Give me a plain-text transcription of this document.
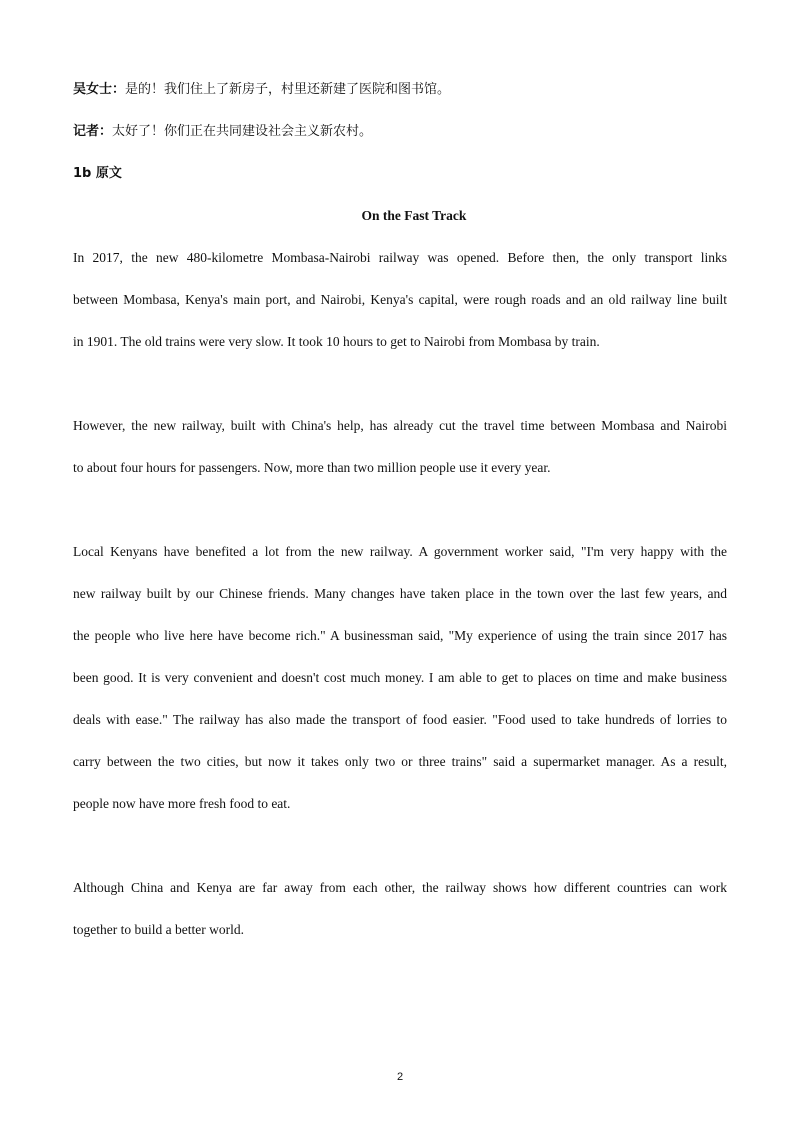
吴女士：是的！我们住上了新房子，村里还新建了医院和图书馆。
记者：太好了！你们正在共同建设社会主义新农村。
1b 原文
On the Fast Track
In 2017, the new 480-kilometre Mombasa-Nairobi railway was opened. Before then, the only transport links
between Mombasa, Kenya's main port, and Nairobi, Kenya's capital, were rough roads and an old railway line built
in 1901. The old trains were very slow. It took 10 hours to get to Nairobi from Mombasa by train.
However, the new railway, built with China's help, has already cut the travel time between Mombasa and Nairobi
to about four hours for passengers. Now, more than two million people use it every year.
Local Kenyans have benefited a lot from the new railway. A government worker said, "I'm very happy with the
new railway built by our Chinese friends. Many changes have taken place in the town over the last few years, and
the people who live here have become rich." A businessman said, "My experience of using the train since 2017 has
been good. It is very convenient and doesn't cost much money. I am able to get to places on time and make business
deals with ease." The railway has also made the transport of food easier. "Food used to take hundreds of lorries to
carry between the two cities, but now it takes only two or three trains" said a supermarket manager. As a result,
people now have more fresh food to eat.
Although China and Kenya are far away from each other, the railway shows how different countries can work
together to build a better world.
2
